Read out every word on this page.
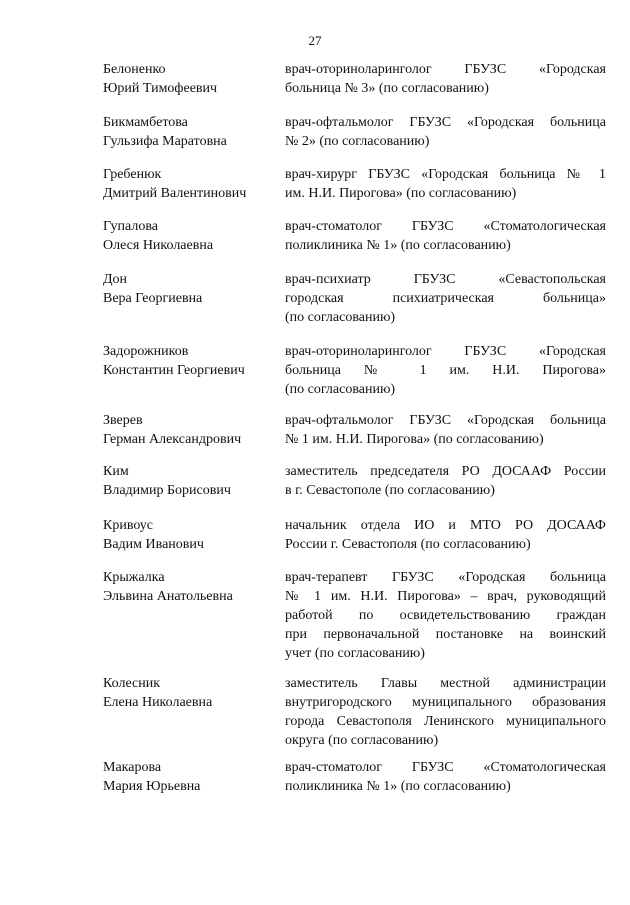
27
Белоненко
Юрий Тимофеевич
врач-оториноларинголог ГБУЗС «Городская
больница № 3» (по согласованию)
Бикмамбетова
Гульзифа Маратовна
врач-офтальмолог ГБУЗС «Городская больница
№ 2» (по согласованию)
Гребенюк
Дмитрий Валентинович
врач-хирург ГБУЗС «Городская больница № 1
им. Н.И. Пирогова» (по согласованию)
Гупалова
Олеся Николаевна
врач-стоматолог ГБУЗС «Стоматологическая
поликлиника № 1» (по согласованию)
Дон
Вера Георгиевна
врач-психиатр ГБУЗС «Севастопольская
городская психиатрическая больница»
(по согласованию)
Задорожников
Константин Георгиевич
врач-оториноларинголог ГБУЗС «Городская
больница № 1 им. Н.И. Пирогова»
(по согласованию)
Зверев
Герман Александрович
врач-офтальмолог ГБУЗС «Городская больница
№ 1 им. Н.И. Пирогова» (по согласованию)
Ким
Владимир Борисович
заместитель председателя РО ДОСААФ России
в г. Севастополе (по согласованию)
Кривоус
Вадим Иванович
начальник отдела ИО и МТО РО ДОСААФ
России г. Севастополя (по согласованию)
Крыжалка
Эльвина Анатольевна
врач-терапевт ГБУЗС «Городская больница
№ 1 им. Н.И. Пирогова» – врач, руководящий
работой по освидетельствованию граждан
при первоначальной постановке на воинский
учет (по согласованию)
Колесник
Елена Николаевна
заместитель Главы местной администрации
внутригородского муниципального образования
города Севастополя Ленинского муниципального
округа (по согласованию)
Макарова
Мария Юрьевна
врач-стоматолог ГБУЗС «Стоматологическая
поликлиника № 1» (по согласованию)
